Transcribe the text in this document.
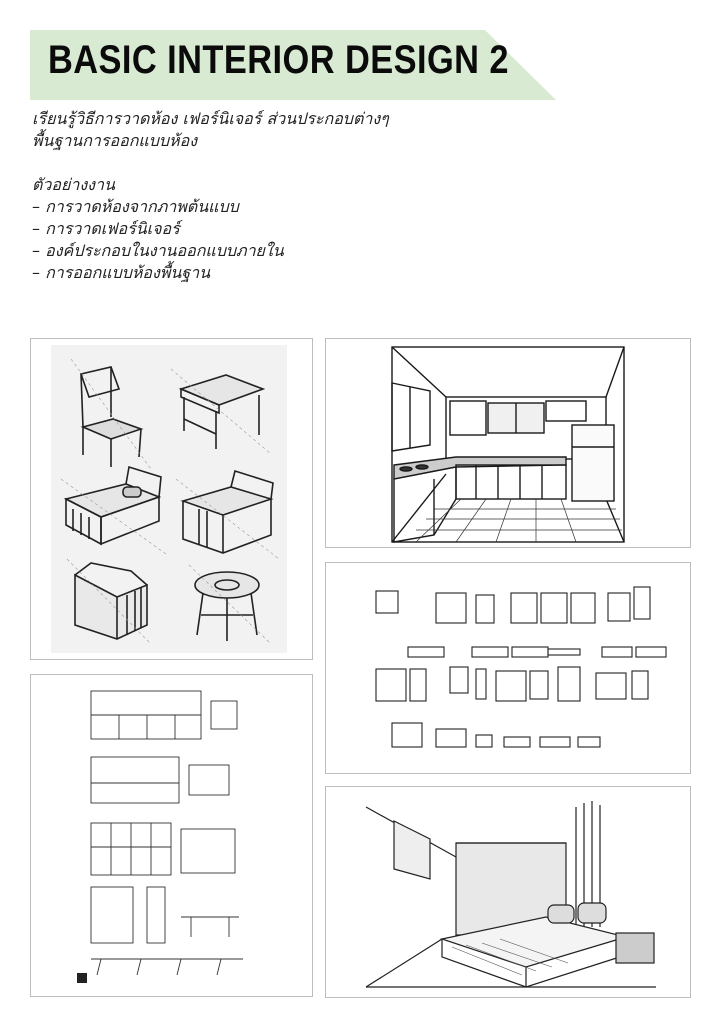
BASIC INTERIOR DESIGN 2

เรียนรู้วิธีการวาดห้อง เฟอร์นิเจอร์ ส่วนประกอบต่างๆ

พื้นฐานการออกแบบห้อง

ตัวอย่างงาน

– การวาดห้องจากภาพต้นแบบ

– การวาดเฟอร์นิเจอร์

– องค์ประกอบในงานออกแบบภายใน

– การออกแบบห้องพื้นฐาน
